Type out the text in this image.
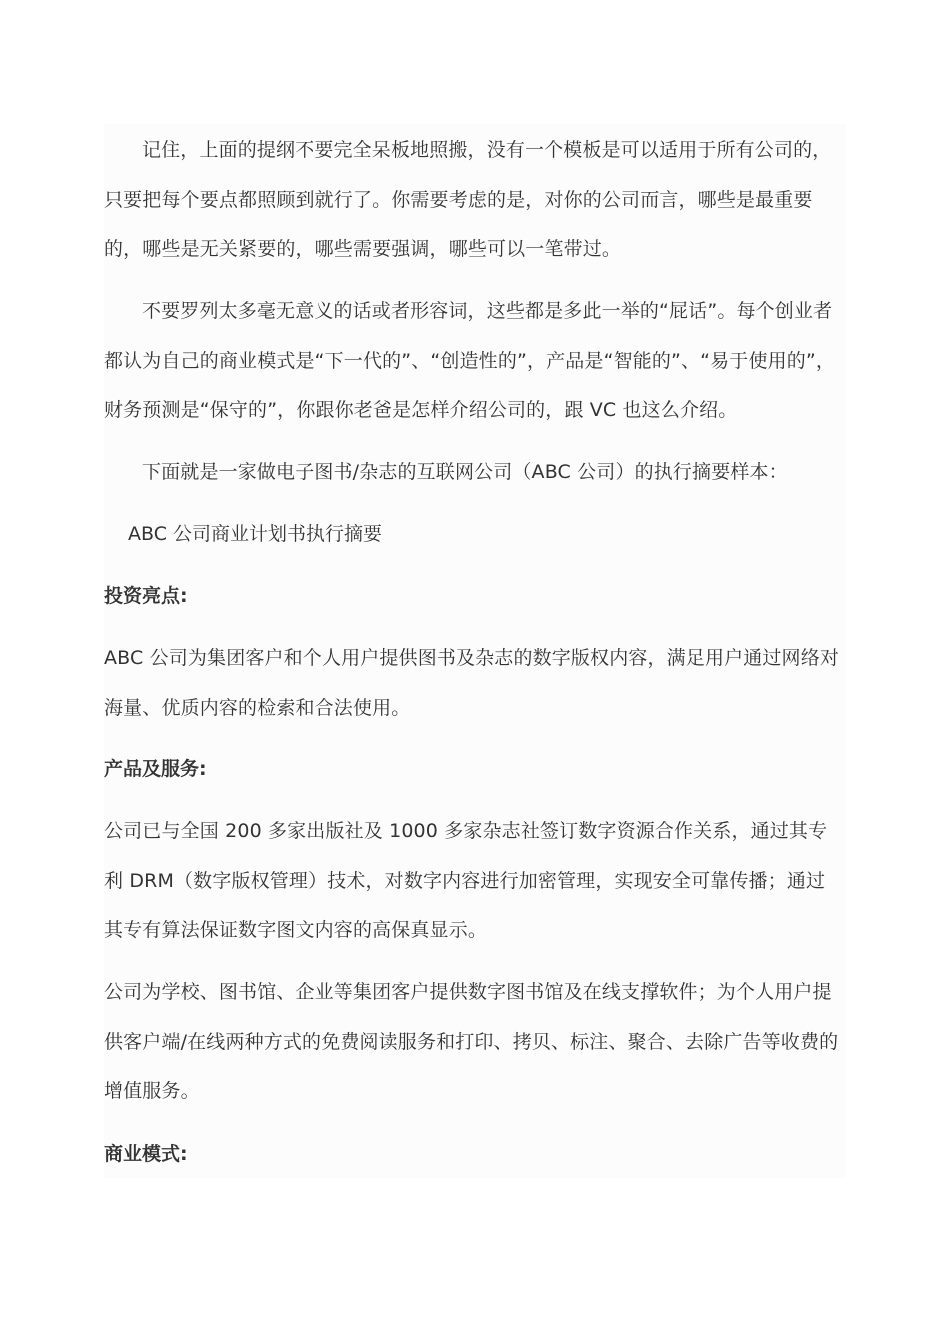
记住，上面的提纲不要完全呆板地照搬，没有一个模板是可以适用于所有公司的，只要把每个要点都照顾到就行了。你需要考虑的是，对你的公司而言，哪些是最重要的，哪些是无关紧要的，哪些需要强调，哪些可以一笔带过。

不要罗列太多毫无意义的话或者形容词，这些都是多此一举的“屁话”。每个创业者都认为自己的商业模式是“下一代的”、“创造性的”，产品是“智能的”、“易于使用的”，财务预测是“保守的”，你跟你老爸是怎样介绍公司的，跟 VC 也这么介绍。

下面就是一家做电子图书/杂志的互联网公司（ABC 公司）的执行摘要样本：

ABC 公司商业计划书执行摘要

投资亮点:

ABC 公司为集团客户和个人用户提供图书及杂志的数字版权内容，满足用户通过网络对海量、优质内容的检索和合法使用。

产品及服务:

公司已与全国 200 多家出版社及 1000 多家杂志社签订数字资源合作关系，通过其专利 DRM（数字版权管理）技术，对数字内容进行加密管理，实现安全可靠传播；通过其专有算法保证数字图文内容的高保真显示。

公司为学校、图书馆、企业等集团客户提供数字图书馆及在线支撑软件；为个人用户提供客户端/在线两种方式的免费阅读服务和打印、拷贝、标注、聚合、去除广告等收费的增值服务。

商业模式:
